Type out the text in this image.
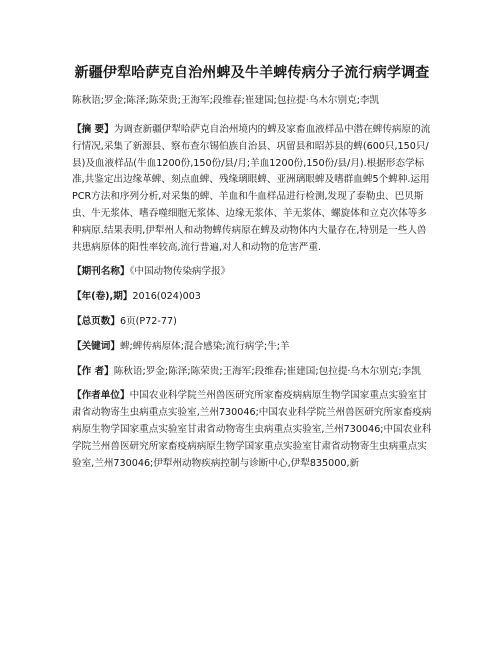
新疆伊犁哈萨克自治州蜱及牛羊蜱传病分子流行病学调查

陈秋语;罗金;陈泽;陈荣贵;王海军;段维春;崔建国;包拉提·乌木尔别克;李凯

【摘 要】为调查新疆伊犁哈萨克自治州境内的蜱及家畜血液样品中潜在蜱传病原的流行情况,采集了新源县、察布查尔锡伯族自治县、巩留县和昭苏县的蜱(600只,150只/县)及血液样品(牛血1200份,150份/县/月;羊血1200份,150份/县/月).根据形态学标准,共鉴定出边缘革蜱、刻点血蜱、残缘璃眼蜱、亚洲璃眼蜱及嗜群血蜱5个蜱种.运用PCR方法和序列分析,对采集的蜱、羊血和牛血样品进行检测,发现了泰勒虫、巴贝斯虫、牛无浆体、嗜吞噬细胞无浆体、边缘无浆体、羊无浆体、螺旋体和立克次体等多种病原.结果表明,伊犁州人和动物蜱传病原在蜱及动物体内大量存在,特别是一些人兽共患病原体的阳性率较高,流行普遍,对人和动物的危害严重.

【期刊名称】《中国动物传染病学报》

【年(卷),期】2016(024)003

【总页数】6页(P72-77)

【关键词】蜱;蜱传病原体;混合感染;流行病学;牛;羊

【作 者】陈秋语;罗金;陈泽;陈荣贵;王海军;段维春;崔建国;包拉提·乌木尔别克;李凯

【作者单位】中国农业科学院兰州兽医研究所家畜疫病病原生物学国家重点实验室甘肃省动物寄生虫病重点实验室,兰州730046;中国农业科学院兰州兽医研究所家畜疫病病原生物学国家重点实验室甘肃省动物寄生虫病重点实验室,兰州730046;中国农业科学院兰州兽医研究所家畜疫病病原生物学国家重点实验室甘肃省动物寄生虫病重点实验室,兰州730046;伊犁州动物疾病控制与诊断中心,伊犁835000,新
